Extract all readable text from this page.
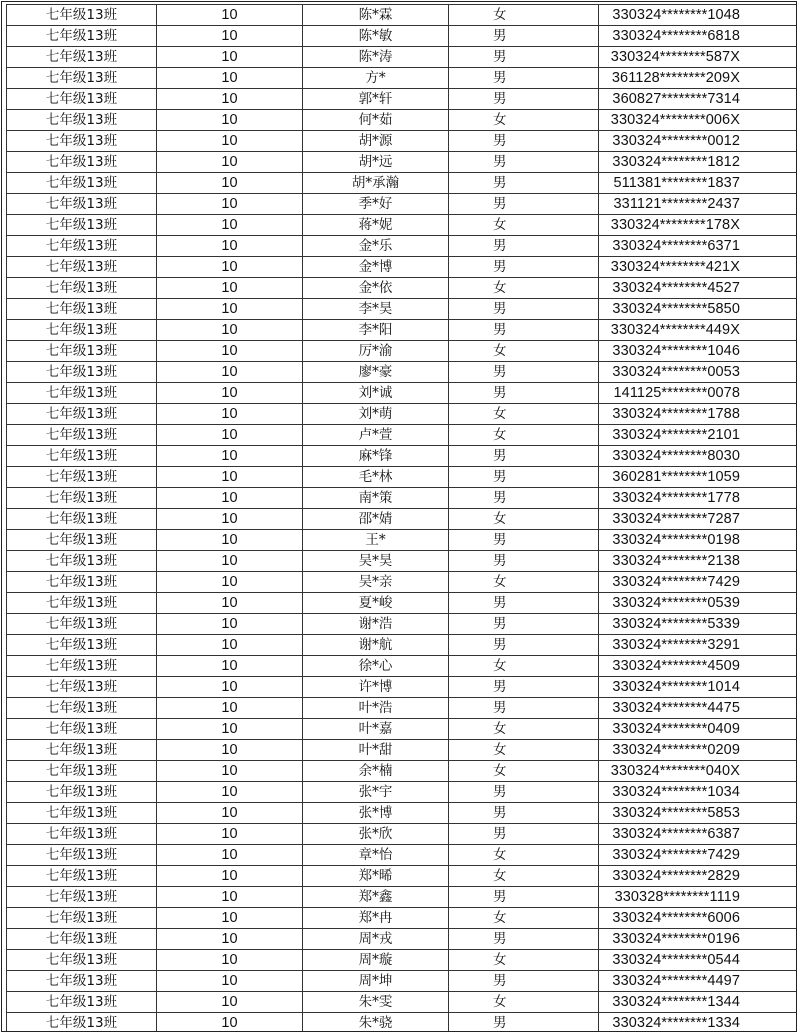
七年级13班	10	陈*霖	女	330324********1048
七年级13班	10	陈*敏	男	330324********6818
七年级13班	10	陈*涛	男	330324********587X
七年级13班	10	方*	男	361128********209X
七年级13班	10	郭*轩	男	360827********7314
七年级13班	10	何*茹	女	330324********006X
七年级13班	10	胡*源	男	330324********0012
七年级13班	10	胡*远	男	330324********1812
七年级13班	10	胡*承瀚	男	511381********1837
七年级13班	10	季*好	男	331121********2437
七年级13班	10	蒋*妮	女	330324********178X
七年级13班	10	金*乐	男	330324********6371
七年级13班	10	金*博	男	330324********421X
七年级13班	10	金*依	女	330324********4527
七年级13班	10	李*昊	男	330324********5850
七年级13班	10	李*阳	男	330324********449X
七年级13班	10	厉*渝	女	330324********1046
七年级13班	10	廖*豪	男	330324********0053
七年级13班	10	刘*诚	男	141125********0078
七年级13班	10	刘*萌	女	330324********1788
七年级13班	10	卢*萱	女	330324********2101
七年级13班	10	麻*锋	男	330324********8030
七年级13班	10	毛*林	男	360281********1059
七年级13班	10	南*策	男	330324********1778
七年级13班	10	邵*婧	女	330324********7287
七年级13班	10	王*	男	330324********0198
七年级13班	10	吴*昊	男	330324********2138
七年级13班	10	吴*亲	女	330324********7429
七年级13班	10	夏*峻	男	330324********0539
七年级13班	10	谢*浩	男	330324********5339
七年级13班	10	谢*航	男	330324********3291
七年级13班	10	徐*心	女	330324********4509
七年级13班	10	许*博	男	330324********1014
七年级13班	10	叶*浩	男	330324********4475
七年级13班	10	叶*嘉	女	330324********0409
七年级13班	10	叶*甜	女	330324********0209
七年级13班	10	余*楠	女	330324********040X
七年级13班	10	张*宇	男	330324********1034
七年级13班	10	张*博	男	330324********5853
七年级13班	10	张*欣	男	330324********6387
七年级13班	10	章*怡	女	330324********7429
七年级13班	10	郑*晞	女	330324********2829
七年级13班	10	郑*鑫	男	330328********1119
七年级13班	10	郑*冉	女	330324********6006
七年级13班	10	周*戎	男	330324********0196
七年级13班	10	周*璇	女	330324********0544
七年级13班	10	周*坤	男	330324********4497
七年级13班	10	朱*雯	女	330324********1344
七年级13班	10	朱*骁	男	330324********1334
